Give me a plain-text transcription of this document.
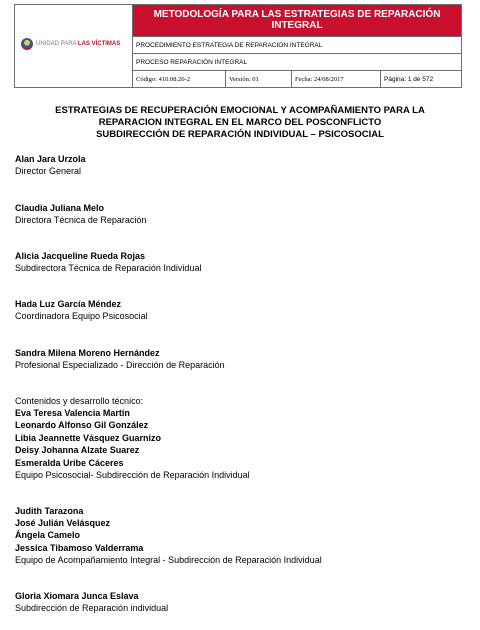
UNIDAD PARA LAS VÍCTIMAS
METODOLOGÍA PARA LAS ESTRATEGIAS DE REPARACIÓN INTEGRAL
PROCEDIMIENTO ESTRATEGIA DE REPARACION INTEGRAL
PROCESO REPARACIÓN INTEGRAL
Código: 410.08.20-2	Versión: 01	Fecha: 24/08/2017	Página: 1 de 572
ESTRATEGIAS DE RECUPERACIÓN EMOCIONAL Y ACOMPAÑAMIENTO PARA LA
REPARACION INTEGRAL EN EL MARCO DEL POSCONFLICTO
SUBDIRECCIÓN DE REPARACIÓN INDIVIDUAL – PSICOSOCIAL
Alan Jara Urzola
Director General
Claudia Juliana Melo
Directora Técnica de Reparación
Alicia Jacqueline Rueda Rojas
Subdirectora Técnica de Reparación Individual
Hada Luz García Méndez
Coordinadora Equipo Psicosocial
Sandra Milena Moreno Hernández
Profesional Especializado - Dirección de Reparación
Contenidos y desarrollo técnico:
Eva Teresa Valencia Martin
Leonardo Alfonso Gil González
Libia Jeannette Vásquez Guarnizo
Deisy Johanna Alzate Suarez
Esmeralda Uribe Cáceres
Equipo Psicosocial- Subdirección de Reparación Individual
Judith Tarazona
José Julián Velásquez
Ángela Camelo
Jessica Tibamoso Valderrama
Equipo de Acompañamiento Integral - Subdirección de Reparación Individual
Gloria Xiomara Junca Eslava
Subdirección de Reparación individual
